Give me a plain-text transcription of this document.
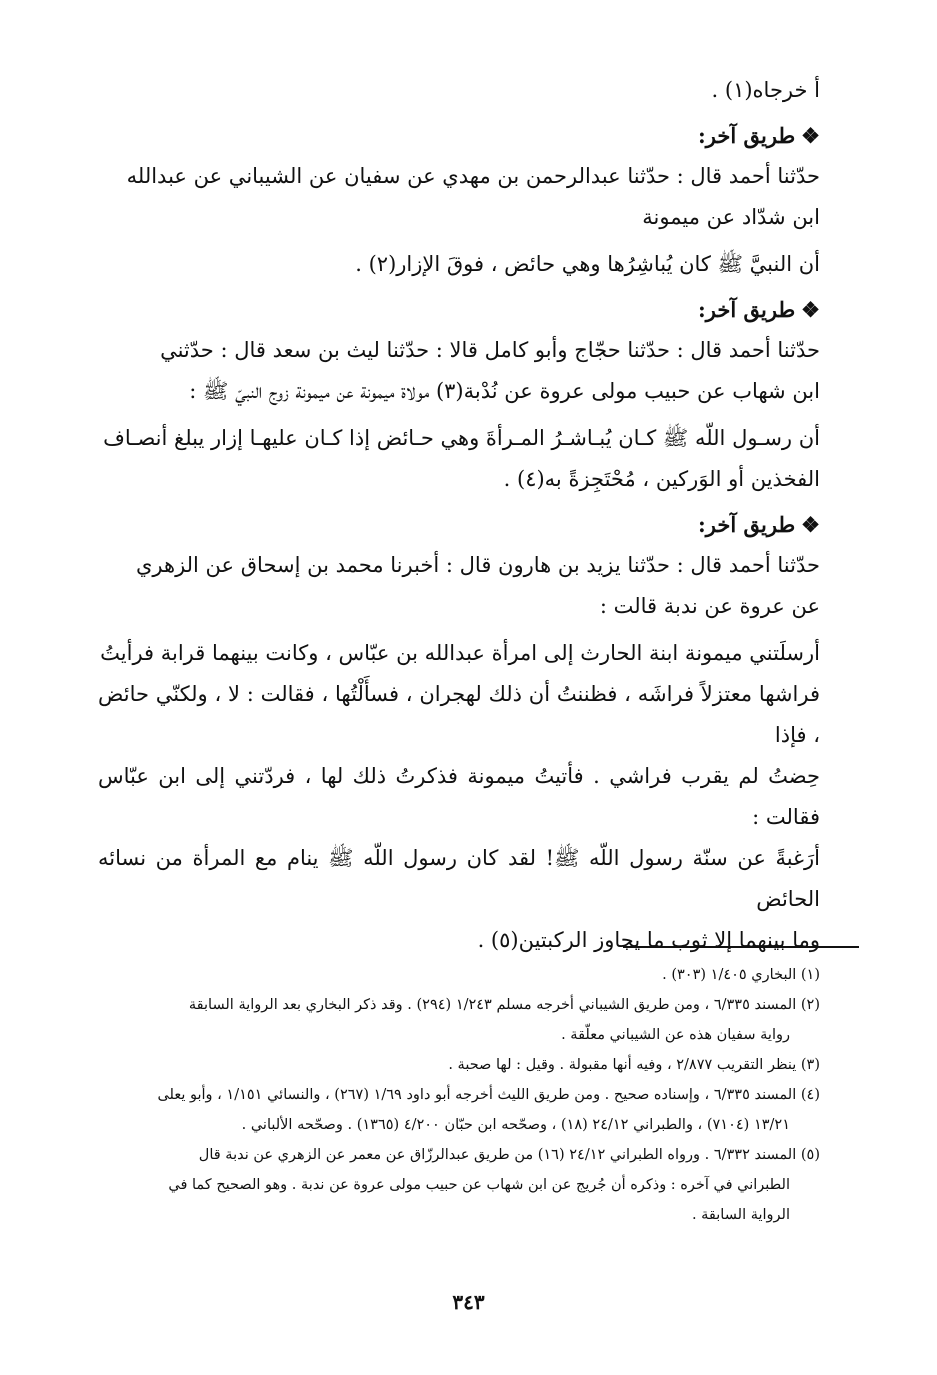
أ خرجاه(١) .

❖طريق آخر:

حدّثنا أحمد قال : حدّثنا عبدالرحمن بن مهدي عن سفيان عن الشيباني عن عبدالله

ابن شدّاد عن ميمونة

أن النبيَّ ﷺ كان يُباشِرُها وهي حائض ، فوقَ الإزار(٢) .

❖طريق آخر:

حدّثنا أحمد قال : حدّثنا حجّاج وأبو كامل قالا : حدّثنا ليث بن سعد قال : حدّثني

ابن شهاب عن حبيب مولى عروة عن نُدْبة(٣) مولاة ميمونة عن ميمونة زوج النبيّ ﷺ :

أن رسـول اللّه ﷺ كـان يُبـاشـرُ المـرأةَ وهي حـائض إذا كـان عليهـا إزار يبلغ أنصـاف

الفخذين أو الوَركين ، مُحْتَجِزةً به(٤) .

❖طريق آخر:

حدّثنا أحمد قال : حدّثنا يزيد بن هارون قال : أخبرنا محمد بن إسحاق عن الزهري

عن عروة عن ندبة قالت :

أرسلَتني ميمونة ابنة الحارث إلى امرأة عبدالله بن عبّاس ، وكانت بينهما قرابة فرأيتُ

فراشها معتزلاً فراشَه ، فظننتُ أن ذلك لهجران ، فسأَلْتُها ، فقالت : لا ، ولكنّي حائض ، فإذا

حِضتُ لم يقرب فراشي . فأتيتُ ميمونة فذكرتُ ذلك لها ، فردّتني إلى ابن عبّاس فقالت :

أرَغبةً عن سنّة رسول اللّه ﷺ! لقد كان رسول اللّه ﷺ ينام مع المرأة من نسائه الحائض

وما بينهما إلا ثوب ما يجاوز الركبتين(٥) .

(١) البخاري ١/٤٠٥ (٣٠٣) .

(٢) المسند ٦/٣٣٥ ، ومن طريق الشيباني أخرجه مسلم ١/٢٤٣ (٢٩٤) . وقد ذكر البخاري بعد الرواية السابقة

رواية سفيان هذه عن الشيباني معلّقة .

(٣) ينظر التقريب ٢/٨٧٧ ، وفيه أنها مقبولة . وقيل : لها صحبة .

(٤) المسند ٦/٣٣٥ ، وإسناده صحيح . ومن طريق الليث أخرجه أبو داود ١/٦٩ (٢٦٧) ، والنسائي ١/١٥١ ، وأبو يعلى

١٣/٢١ (٧١٠٤) ، والطبراني ٢٤/١٢ (١٨) ، وصحّحه ابن حبّان ٤/٢٠٠ (١٣٦٥) . وصحّحه الألباني .

(٥) المسند ٦/٣٣٢ . ورواه الطبراني ٢٤/١٢ (١٦) من طريق عبدالرزّاق عن معمر عن الزهري عن ندبة قال

الطبراني في آخره : وذكره أن جُريج عن ابن شهاب عن حبيب مولى عروة عن ندبة . وهو الصحيح كما في

الرواية السابقة .

٣٤٣
